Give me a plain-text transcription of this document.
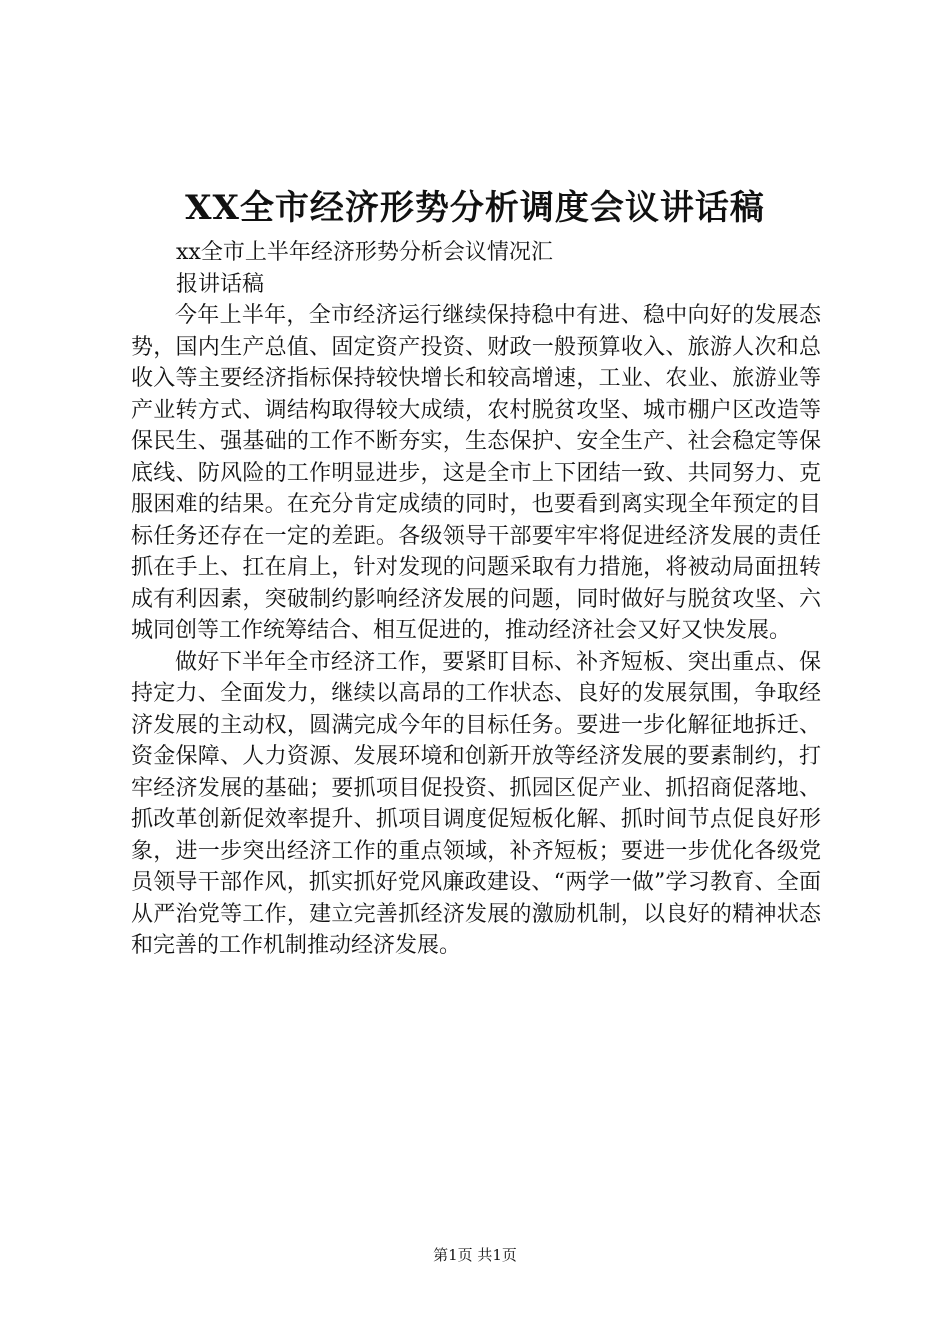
XX全市经济形势分析调度会议讲话稿
xx全市上半年经济形势分析会议情况汇
报讲话稿

今年上半年，全市经济运行继续保持稳中有进、稳中向好的发展态势，国内生产总值、固定资产投资、财政一般预算收入、旅游人次和总收入等主要经济指标保持较快增长和较高增速，工业、农业、旅游业等产业转方式、调结构取得较大成绩，农村脱贫攻坚、城市棚户区改造等保民生、强基础的工作不断夯实，生态保护、安全生产、社会稳定等保底线、防风险的工作明显进步，这是全市上下团结一致、共同努力、克服困难的结果。在充分肯定成绩的同时，也要看到离实现全年预定的目标任务还存在一定的差距。各级领导干部要牢牢将促进经济发展的责任抓在手上、扛在肩上，针对发现的问题采取有力措施，将被动局面扭转成有利因素，突破制约影响经济发展的问题，同时做好与脱贫攻坚、六城同创等工作统筹结合、相互促进的，推动经济社会又好又快发展。

做好下半年全市经济工作，要紧盯目标、补齐短板、突出重点、保持定力、全面发力，继续以高昂的工作状态、良好的发展氛围，争取经济发展的主动权，圆满完成今年的目标任务。要进一步化解征地拆迁、资金保障、人力资源、发展环境和创新开放等经济发展的要素制约，打牢经济发展的基础；要抓项目促投资、抓园区促产业、抓招商促落地、抓改革创新促效率提升、抓项目调度促短板化解、抓时间节点促良好形象，进一步突出经济工作的重点领域，补齐短板；要进一步优化各级党员领导干部作风，抓实抓好党风廉政建设、“两学一做”学习教育、全面从严治党等工作，建立完善抓经济发展的激励机制，以良好的精神状态和完善的工作机制推动经济发展。

第1页 共1页
